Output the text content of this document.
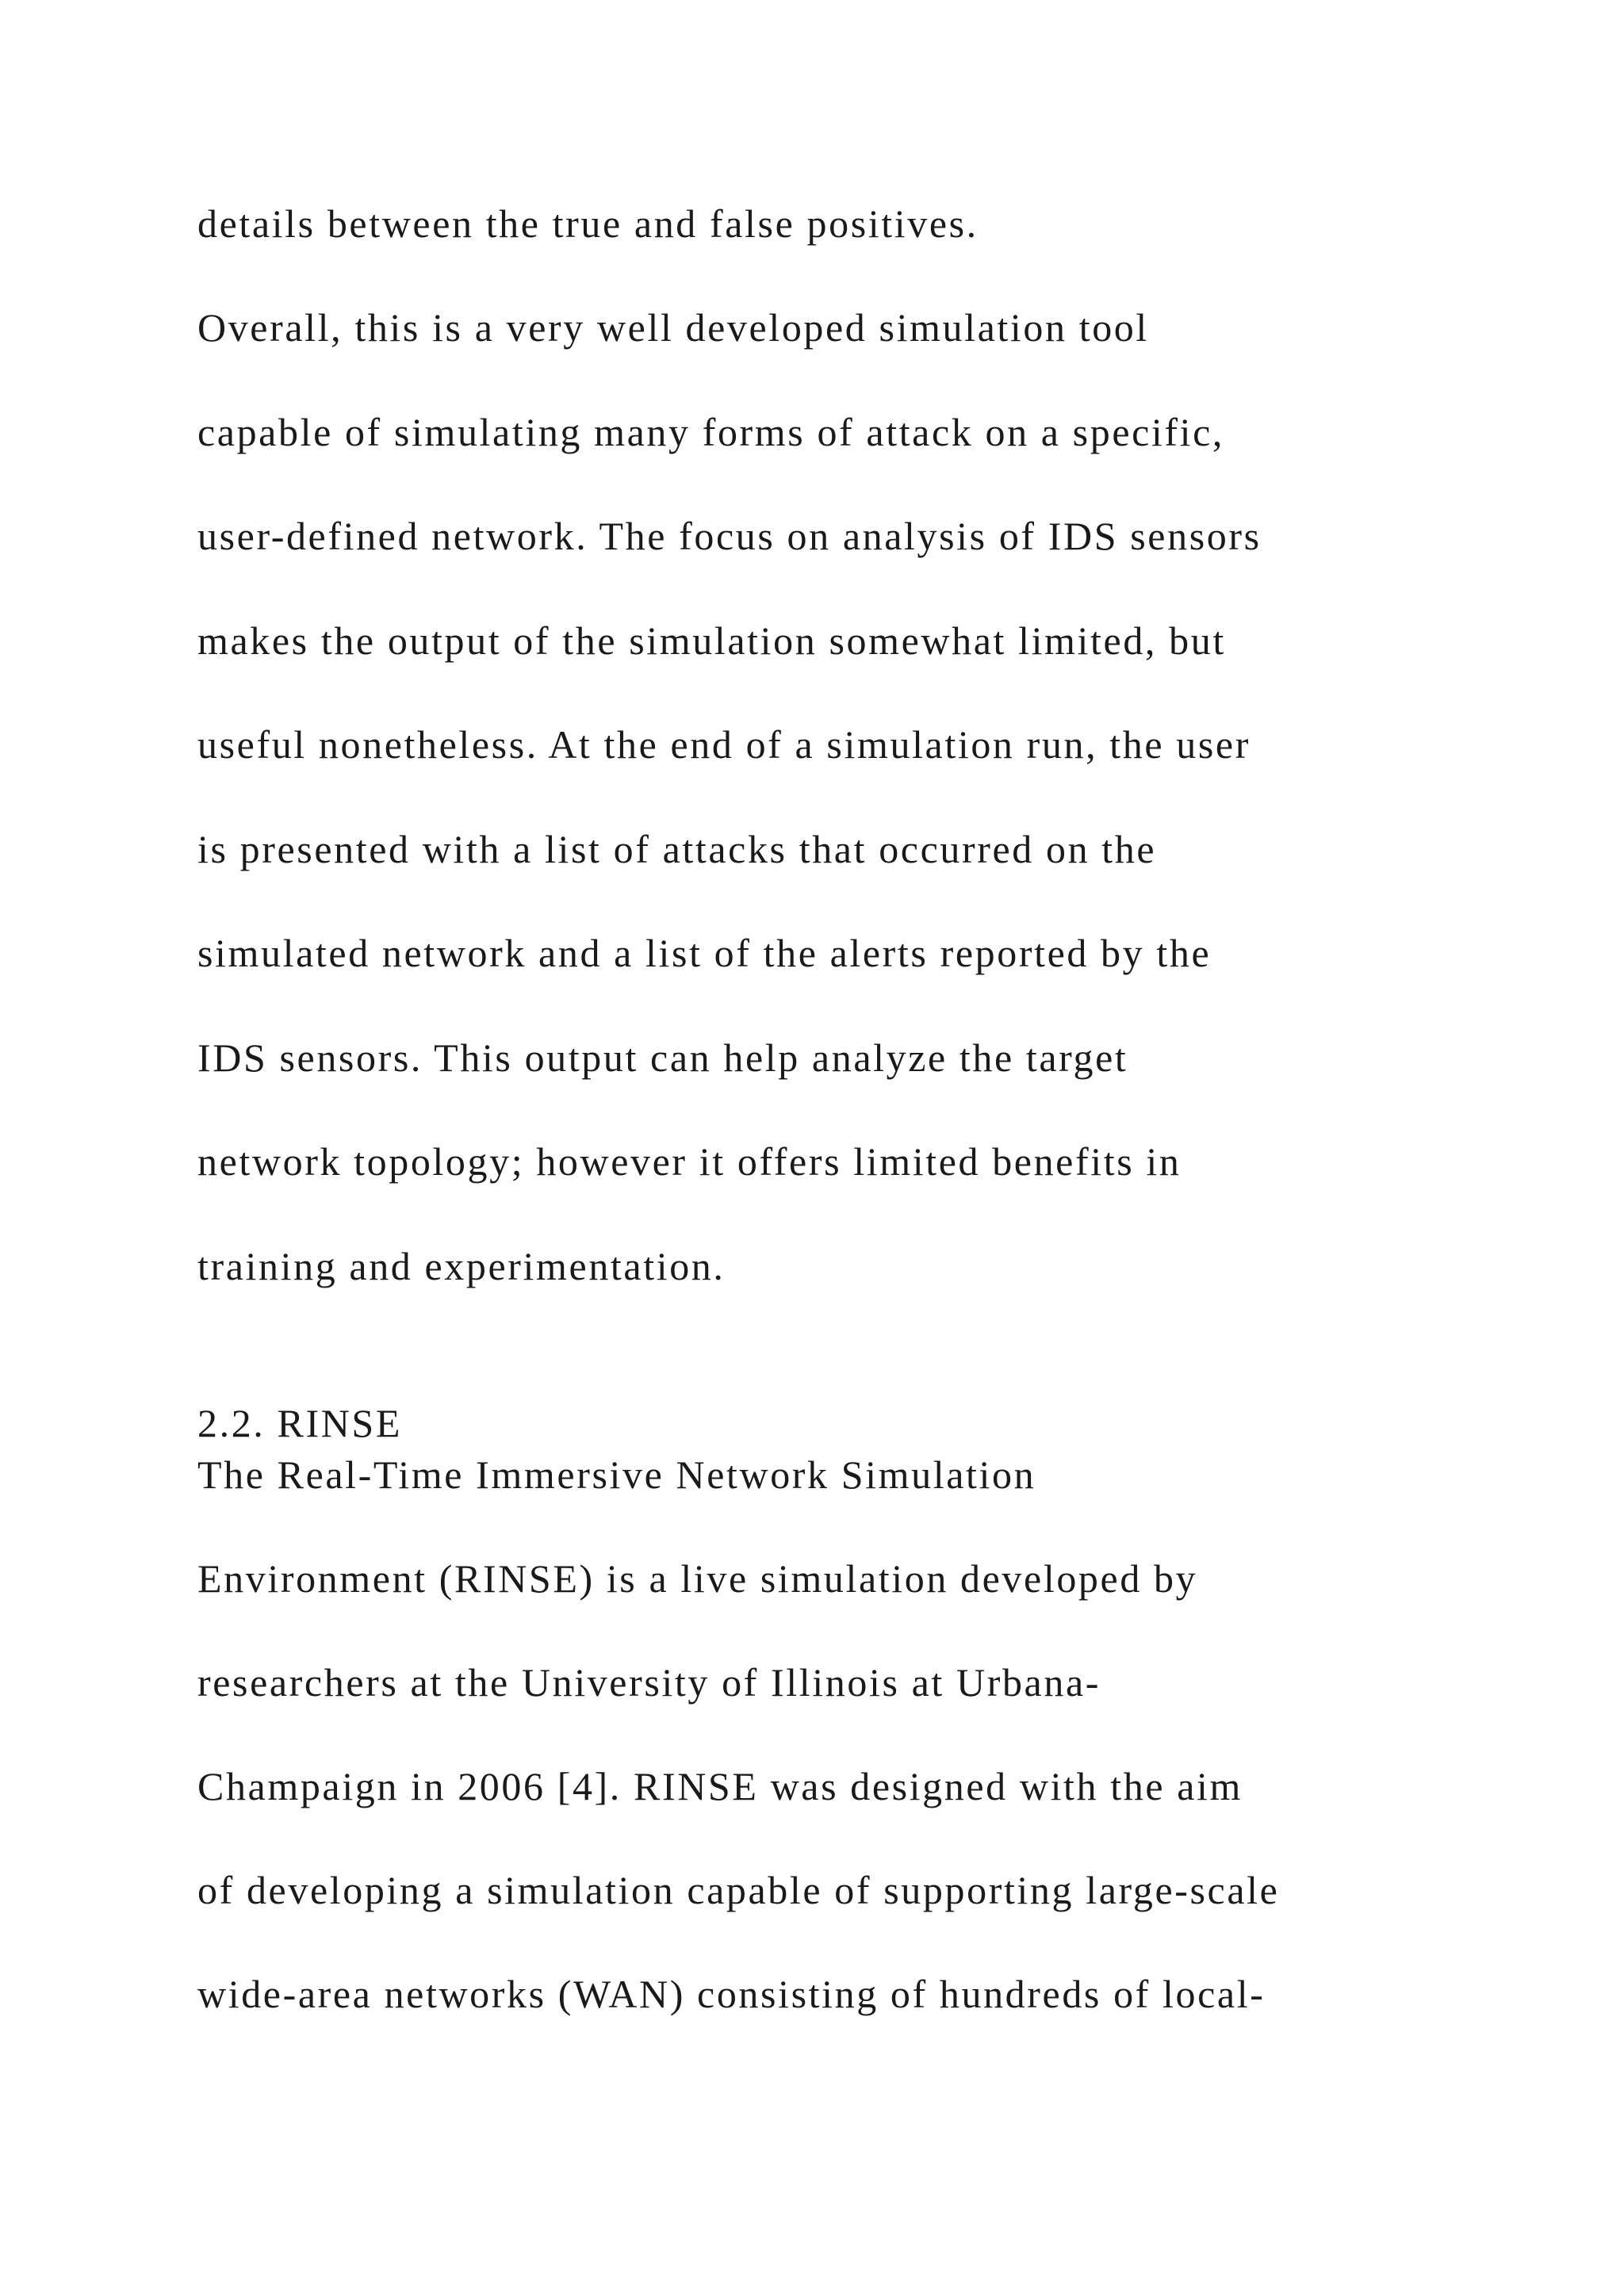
details between the true and false positives.

Overall, this is a very well developed simulation tool

capable of simulating many forms of attack on a specific,

user-defined network. The focus on analysis of IDS sensors

makes the output of the simulation somewhat limited, but

useful nonetheless. At the end of a simulation run, the user

is presented with a list of attacks that occurred on the

simulated network and a list of the alerts reported by the

IDS sensors. This output can help analyze the target

network topology; however it offers limited benefits in

training and experimentation.

2.2. RINSE

The Real-Time Immersive Network Simulation

Environment (RINSE) is a live simulation developed by

researchers at the University of Illinois at Urbana-

Champaign in 2006 [4]. RINSE was designed with the aim

of developing a simulation capable of supporting large-scale

wide-area networks (WAN) consisting of hundreds of local-
